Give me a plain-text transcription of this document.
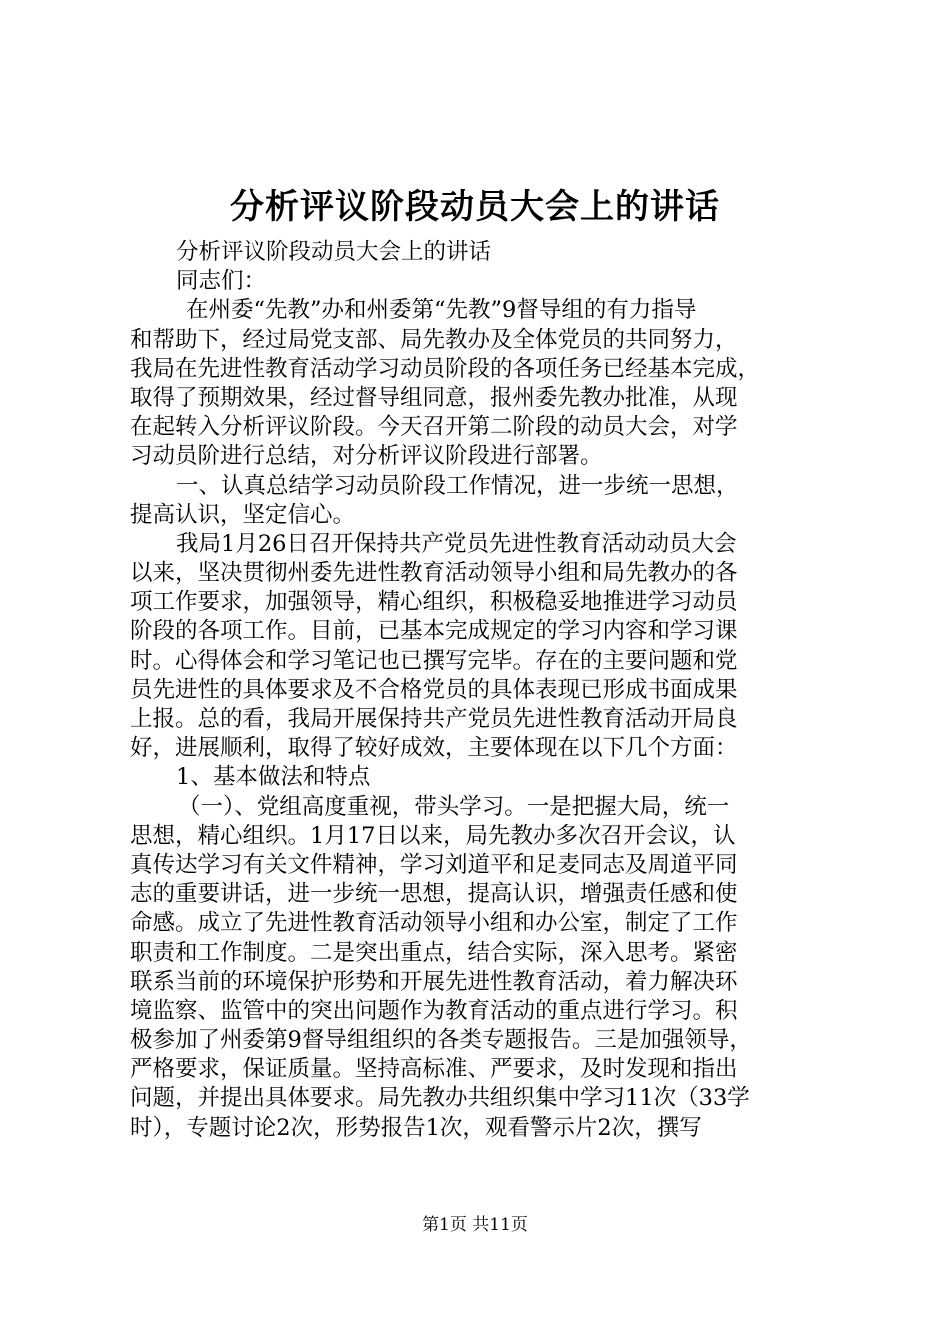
分析评议阶段动员大会上的讲话
分析评议阶段动员大会上的讲话
同志们：
在州委“先教”办和州委第“先教”9督导组的有力指导
和帮助下，经过局党支部、局先教办及全体党员的共同努力，
我局在先进性教育活动学习动员阶段的各项任务已经基本完成，
取得了预期效果，经过督导组同意，报州委先教办批准，从现
在起转入分析评议阶段。今天召开第二阶段的动员大会，对学
习动员阶进行总结，对分析评议阶段进行部署。
一、认真总结学习动员阶段工作情况，进一步统一思想，
提高认识，坚定信心。
我局1月26日召开保持共产党员先进性教育活动动员大会
以来，坚决贯彻州委先进性教育活动领导小组和局先教办的各
项工作要求，加强领导，精心组织，积极稳妥地推进学习动员
阶段的各项工作。目前，已基本完成规定的学习内容和学习课
时。心得体会和学习笔记也已撰写完毕。存在的主要问题和党
员先进性的具体要求及不合格党员的具体表现已形成书面成果
上报。总的看，我局开展保持共产党员先进性教育活动开局良
好，进展顺利，取得了较好成效，主要体现在以下几个方面：
1、基本做法和特点
（一）、党组高度重视，带头学习。一是把握大局，统一
思想，精心组织。1月17日以来，局先教办多次召开会议，认
真传达学习有关文件精神，学习刘道平和足麦同志及周道平同
志的重要讲话，进一步统一思想，提高认识，增强责任感和使
命感。成立了先进性教育活动领导小组和办公室，制定了工作
职责和工作制度。二是突出重点，结合实际，深入思考。紧密
联系当前的环境保护形势和开展先进性教育活动，着力解决环
境监察、监管中的突出问题作为教育活动的重点进行学习。积
极参加了州委第9督导组组织的各类专题报告。三是加强领导，
严格要求，保证质量。坚持高标准、严要求，及时发现和指出
问题，并提出具体要求。局先教办共组织集中学习11次（33学
时），专题讨论2次，形势报告1次，观看警示片2次，撰写
第1页 共11页
